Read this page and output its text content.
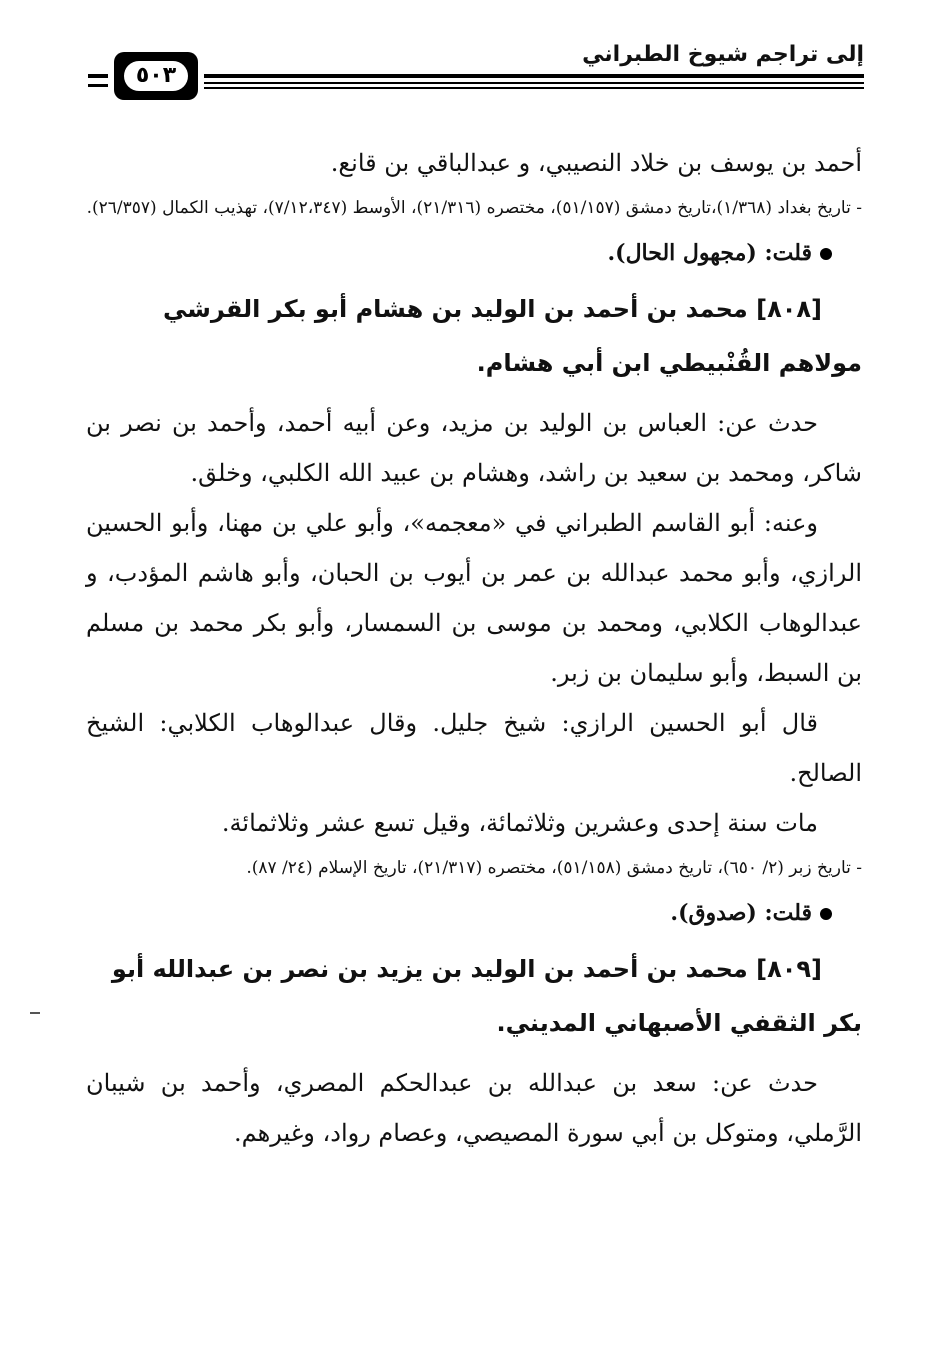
إلى تراجم شيوخ الطبراني
٥٠٣

أحمد بن يوسف بن خلاد النصيبي، و عبدالباقي بن قانع.

- تاريخ بغداد (١/٣٦٨)،تاريخ دمشق (٥١/١٥٧)، مختصره (٢١/٣١٦)، الأوسط (٧/١٢،٣٤٧)، تهذيب الكمال (٢٦/٣٥٧).

قلت: (مجهول الحال).

[٨٠٨] محمد بن أحمد بن الوليد بن هشام أبو بكر القرشي مولاهم القُنْبيطي ابن أبي هشام.

حدث عن: العباس بن الوليد بن مزيد، وعن أبيه أحمد، وأحمد بن نصر بن شاكر، ومحمد بن سعيد بن راشد، وهشام بن عبيد الله الكلبي، وخلق.

وعنه: أبو القاسم الطبراني في «معجمه»، وأبو علي بن مهنا، وأبو الحسين الرازي، وأبو محمد عبدالله بن عمر بن أيوب بن الحبان، وأبو هاشم المؤدب، و عبدالوهاب الكلابي، ومحمد بن موسى بن السمسار، وأبو بكر محمد بن مسلم بن السبط، وأبو سليمان بن زبر.

قال أبو الحسين الرازي: شيخ جليل. وقال عبدالوهاب الكلابي: الشيخ الصالح.

مات سنة إحدى وعشرين وثلاثمائة، وقيل تسع عشر وثلاثمائة.

- تاريخ زبر (٢/ ٦٥٠)، تاريخ دمشق (٥١/١٥٨)، مختصره (٢١/٣١٧)، تاريخ الإسلام (٢٤/ ٨٧).

قلت: (صدوق).

[٨٠٩] محمد بن أحمد بن الوليد بن يزيد بن نصر بن عبدالله أبو بكر الثقفي الأصبهاني المديني.

حدث عن: سعد بن عبدالله بن عبدالحكم المصري، وأحمد بن شيبان الرَّملي، ومتوكل بن أبي سورة المصيصي، وعصام رواد، وغيرهم.
